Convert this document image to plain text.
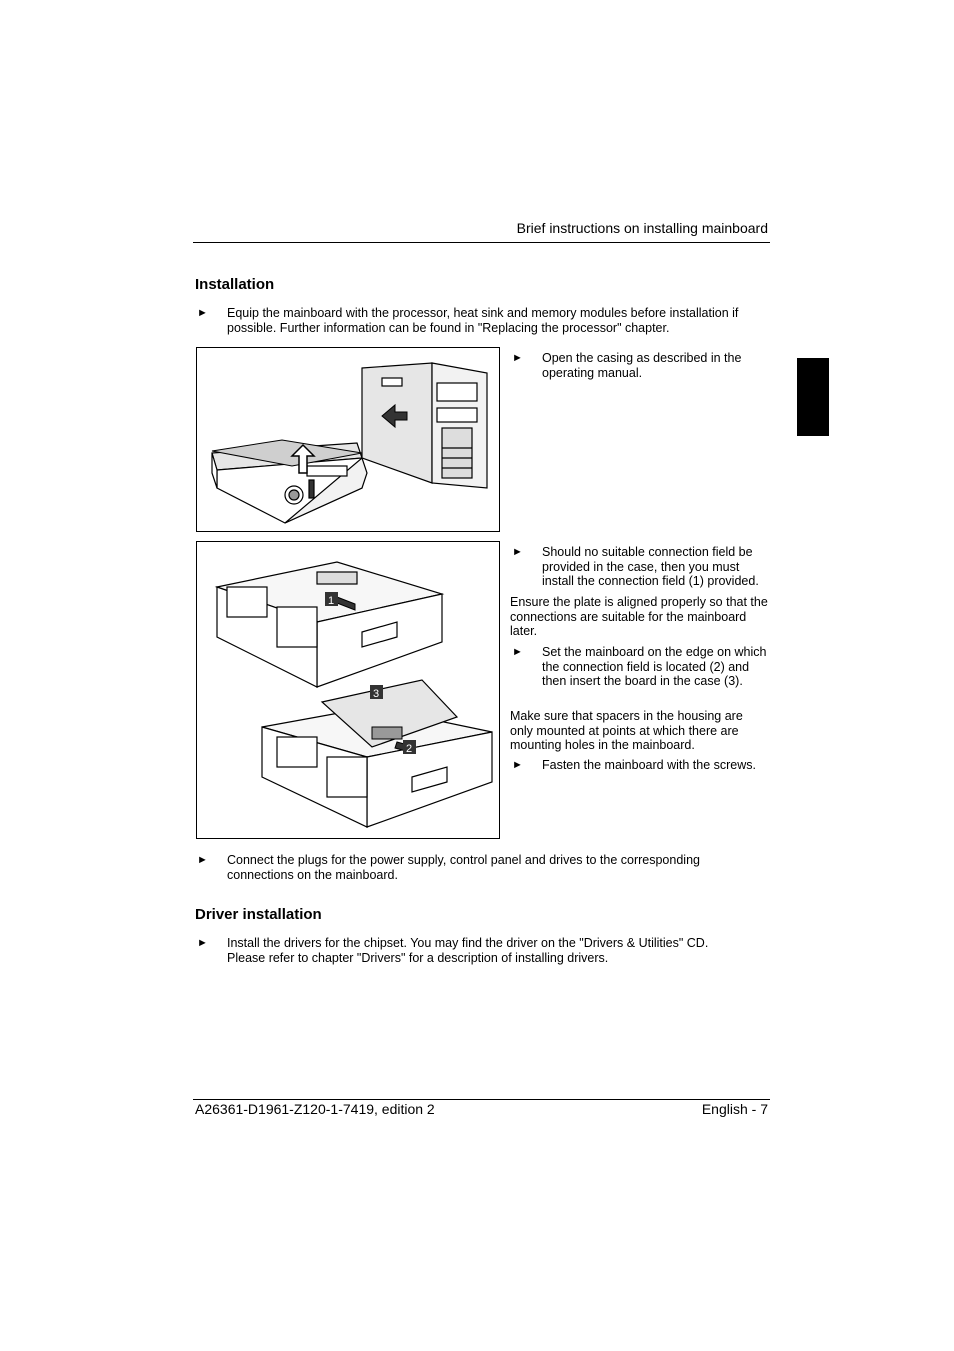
Brief instructions on installing mainboard
Installation
► Equip the mainboard with the processor, heat sink and memory modules before installation if possible. Further information can be found in "Replacing the processor" chapter.
► Open the casing as described in the operating manual.
1
3
2
► Should no suitable connection field be provided in the case, then you must install the connection field (1) provided.
Ensure the plate is aligned properly so that the connections are suitable for the mainboard later.
► Set the mainboard on the edge on which the connection field is located (2) and then insert the board in the case (3).
Make sure that spacers in the housing are only mounted at points at which there are mounting holes in the mainboard.
► Fasten the mainboard with the screws.
► Connect the plugs for the power supply, control panel and drives to the corresponding connections on the mainboard.
Driver installation
► Install the drivers for the chipset. You may find the driver on the "Drivers & Utilities" CD. Please refer to chapter "Drivers" for a description of installing drivers.
A26361-D1961-Z120-1-7419, edition 2	English - 7
